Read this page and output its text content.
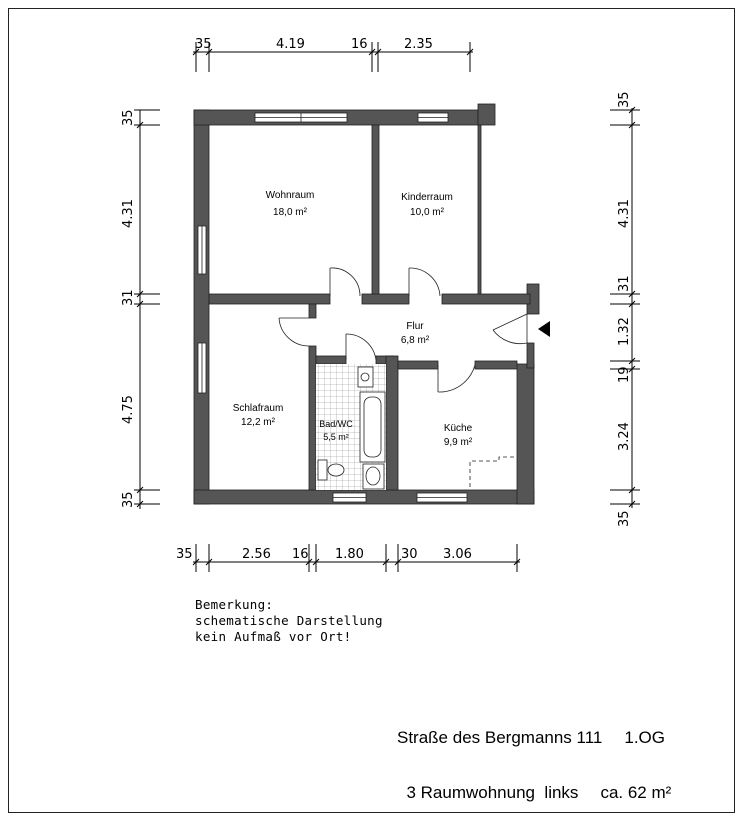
35	4.19	16	2.35
35	2.56 16 1.80	30 3.06
35
4.31
31
4.75
35
35
4.31
31
1.32
19
3.24
35
Wohnraum
18,0 m²
Kinderraum
10,0 m²
Flur
6,8 m²
Schlafraum
12,2 m²	Bad/WC
5,5 m²
Küche
9,9 m²
Bemerkung:
schematische Darstellung
kein Aufmaß vor Ort!
Straße des Bergmanns 111 1.OG

3 Raumwohnung  links ca. 62 m²
